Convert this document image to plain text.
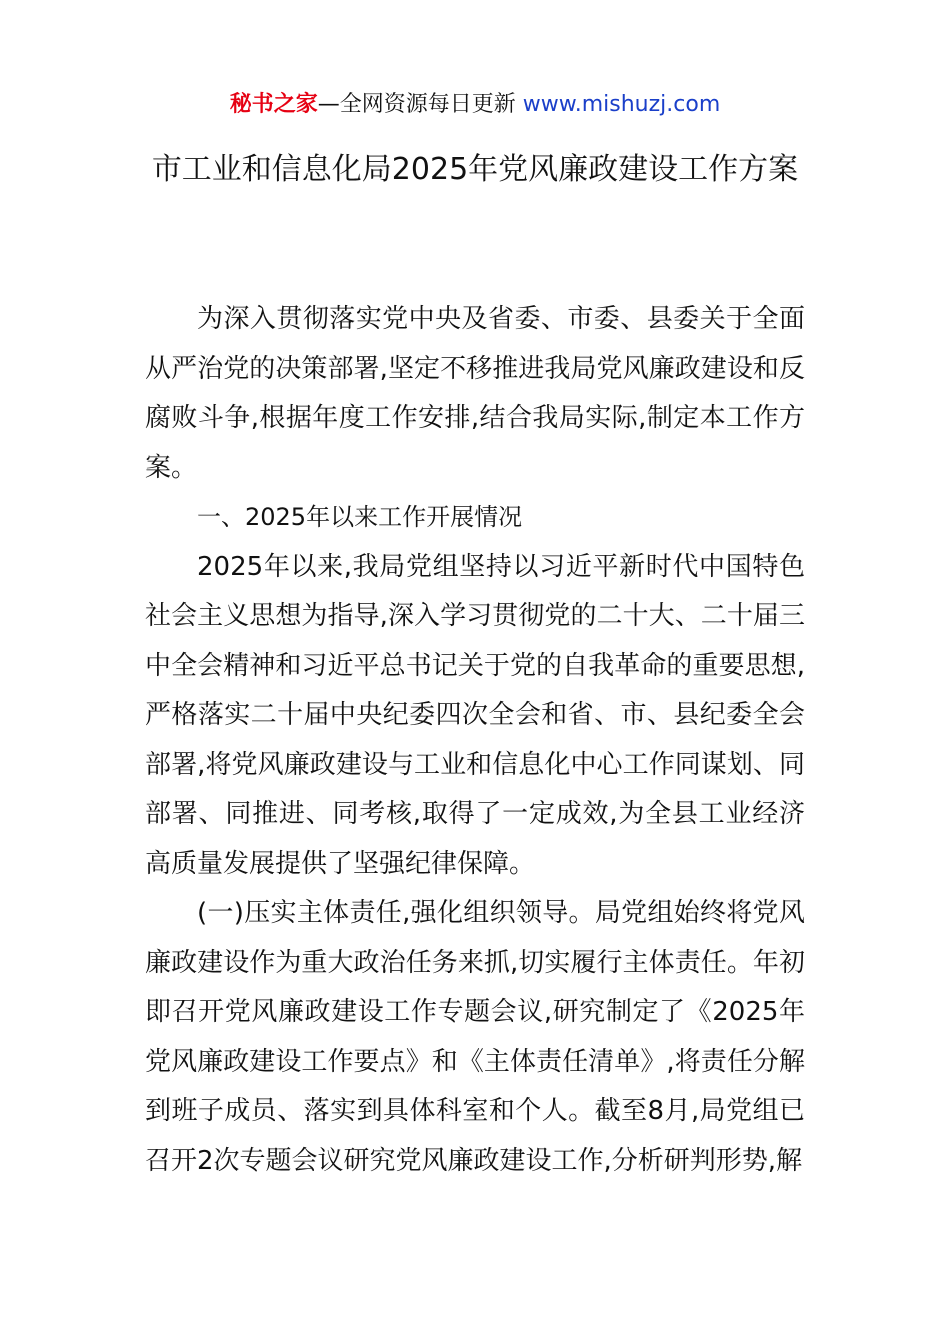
秘书之家—全网资源每日更新 www.mishuzj.com
市工业和信息化局2025年党风廉政建设工作方案

为深入贯彻落实党中央及省委、市委、县委关于全面从严治党的决策部署,坚定不移推进我局党风廉政建设和反腐败斗争,根据年度工作安排,结合我局实际,制定本工作方案。

一、2025年以来工作开展情况

2025年以来,我局党组坚持以习近平新时代中国特色社会主义思想为指导,深入学习贯彻党的二十大、二十届三中全会精神和习近平总书记关于党的自我革命的重要思想,严格落实二十届中央纪委四次全会和省、市、县纪委全会部署,将党风廉政建设与工业和信息化中心工作同谋划、同部署、同推进、同考核,取得了一定成效,为全县工业经济高质量发展提供了坚强纪律保障。

(一)压实主体责任,强化组织领导。局党组始终将党风廉政建设作为重大政治任务来抓,切实履行主体责任。年初即召开党风廉政建设工作专题会议,研究制定了《2025年党风廉政建设工作要点》和《主体责任清单》,将责任分解到班子成员、落实到具体科室和个人。截至8月,局党组已召开2次专题会议研究党风廉政建设工作,分析研判形势,解
